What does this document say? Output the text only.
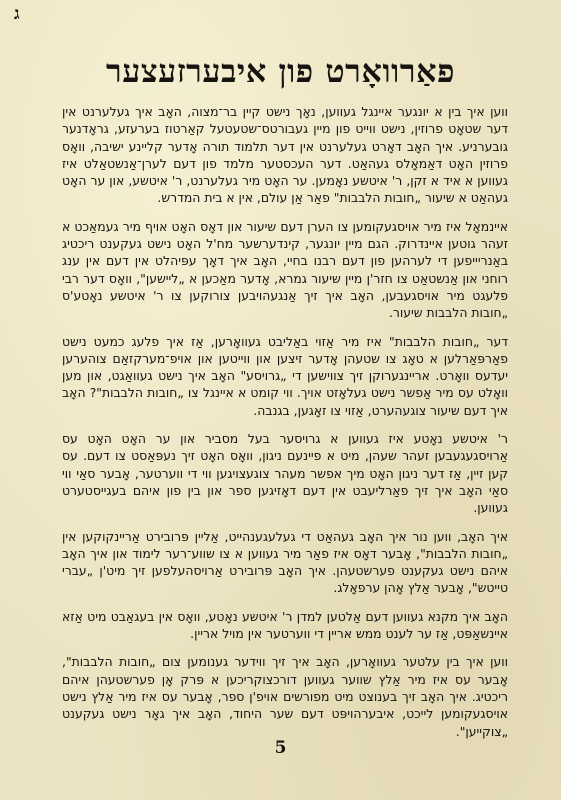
ג
פאַרוואָרט פון איבערזעצער

ווען איך בין א יונגער איינגל געווען, נאָך נישט קיין בר־מצוה, האָב איך געלערנט אין דער שטאָט פרוזין, נישט ווייט פון מיין געבורטס־שטעטעל קאַרטוז בערעזע, גראָדנער גובערניע. איך האָב דאָרט געלערנט אין דער תלמוד תורה אָדער קליינע ישיבה, וואָס פרוזין האָט דאַמאָלס געהאַט. דער העכסטער מלמד פון דעם לערן־אַנשטאַלט איז געווען א איד א זקן, ר' איטשע נאָמען. ער האָט מיר געלערנט, ר' איטשע, און ער האָט געהאַט א שיעור „חובות הלבבות" פאַר אַן עולם, אין א בית המדרש.

איינמאָל איז מיר אויסגעקומען צו הערן דעם שיעור און דאָס האָט אויף מיר געמאַכט א זעהר גוטען איינדרוק. הגם מיין יונגער, קינדערשער מח'ל האָט נישט געקענט ריכטיג באַנריייפען די לערהען פון דעם רבנו בחיי, האָב איך דאָך עפּיהלט אין דעם אין ענג רוחני און אַנשטאַט צו חזר'ן מיין שיעור גמרא, אָדער מאַכען א „ליישען", וואָס דער רבי פלעגט מיר אויסגעבען, האָב איך זיך אַנגעהויבען צורוקען צו ר' איטשע נאָטע'ס „חובות הלבבות שיעור.

דער „חובות הלבבות" איז מיר אַזוי באַליבט געוואָרען, אַז איך פלעג כמעט נישט פאַרפּאַרלען א טאָג צו שטעהן אָדער זיצען און ווייטען און אויפ־מערקזאַם צוהערען יעדעס וואָרט. אריינגערוקן זיך צווישען די „גרויסע" האָב איך נישט געוואַגט, און מען וואָלט עס מיר אַפשר נישט געלאָזט אויך. ווי קומט א איינגל צו „חובות הלבבות"? האָב איך דעם שיעור צוגעהערט, אַזוי צו זאָגען, בגנבה.

ר' איטשע נאָטע איז געווען א גרויסער בעל מסביר און ער האָט האָט עס אַרויסגעגעבען זעהר שעהן, מיט א פיינעם ניגון, וואָס האָט זיך נעפּאַסט צו דעם. עס קען זיין, אַז דער ניגון האָט מיך אפשר מעהר צוגעצויגען ווי די ווערטער, אָבער סאַי ווי סאַי האָב איך זיך פאַרליעבט אין דעם דאָזיגען ספר און בין פון איהם בעגייסטערט געווען.

איך האָב, ווען נור איך האָב געהאַט די געלעגענהייט, אַליין פּרובירט אַריינקוקען אין „חובות הלבבות", אָבער דאָס איז פאַר מיר געווען א צו שווע־רער לימוד און איך האָב איהם נישט געקענט פערשטעהן. איך האָב פּרובירט אַרויסהעלפען זיך מיט'ן „עברי טייטש", אָבער אַלץ אָהן ערפאָלג.

האָב איך מקנא געווען דעם אַלטען למדן ר' איטשע נאָטע, וואָס אין בעגאַבט מיט אַזא איינשאַפּט, אַז ער לענט ממש אריין די ווערטער אין מויל אריין.

ווען איך בין עלטער געוואָרען, האָב איך זיך ווידער גענומען צום „חובות הלבבות", אָבער עס איז מיר אַלץ שווער געווען דורכצוקריכען א פּרק אָן פערשטעהן איהם ריכטיג. איך האָב זיך בענוצט מיט מפורשים אויפ'ן ספר, אָבער עס איז מיר אַלץ נישט אויסגעקומען לייכט, איבערהויפּט דעם שער היחוד, האָב איך גאָר נישט געקענט „צוקייען".

5
